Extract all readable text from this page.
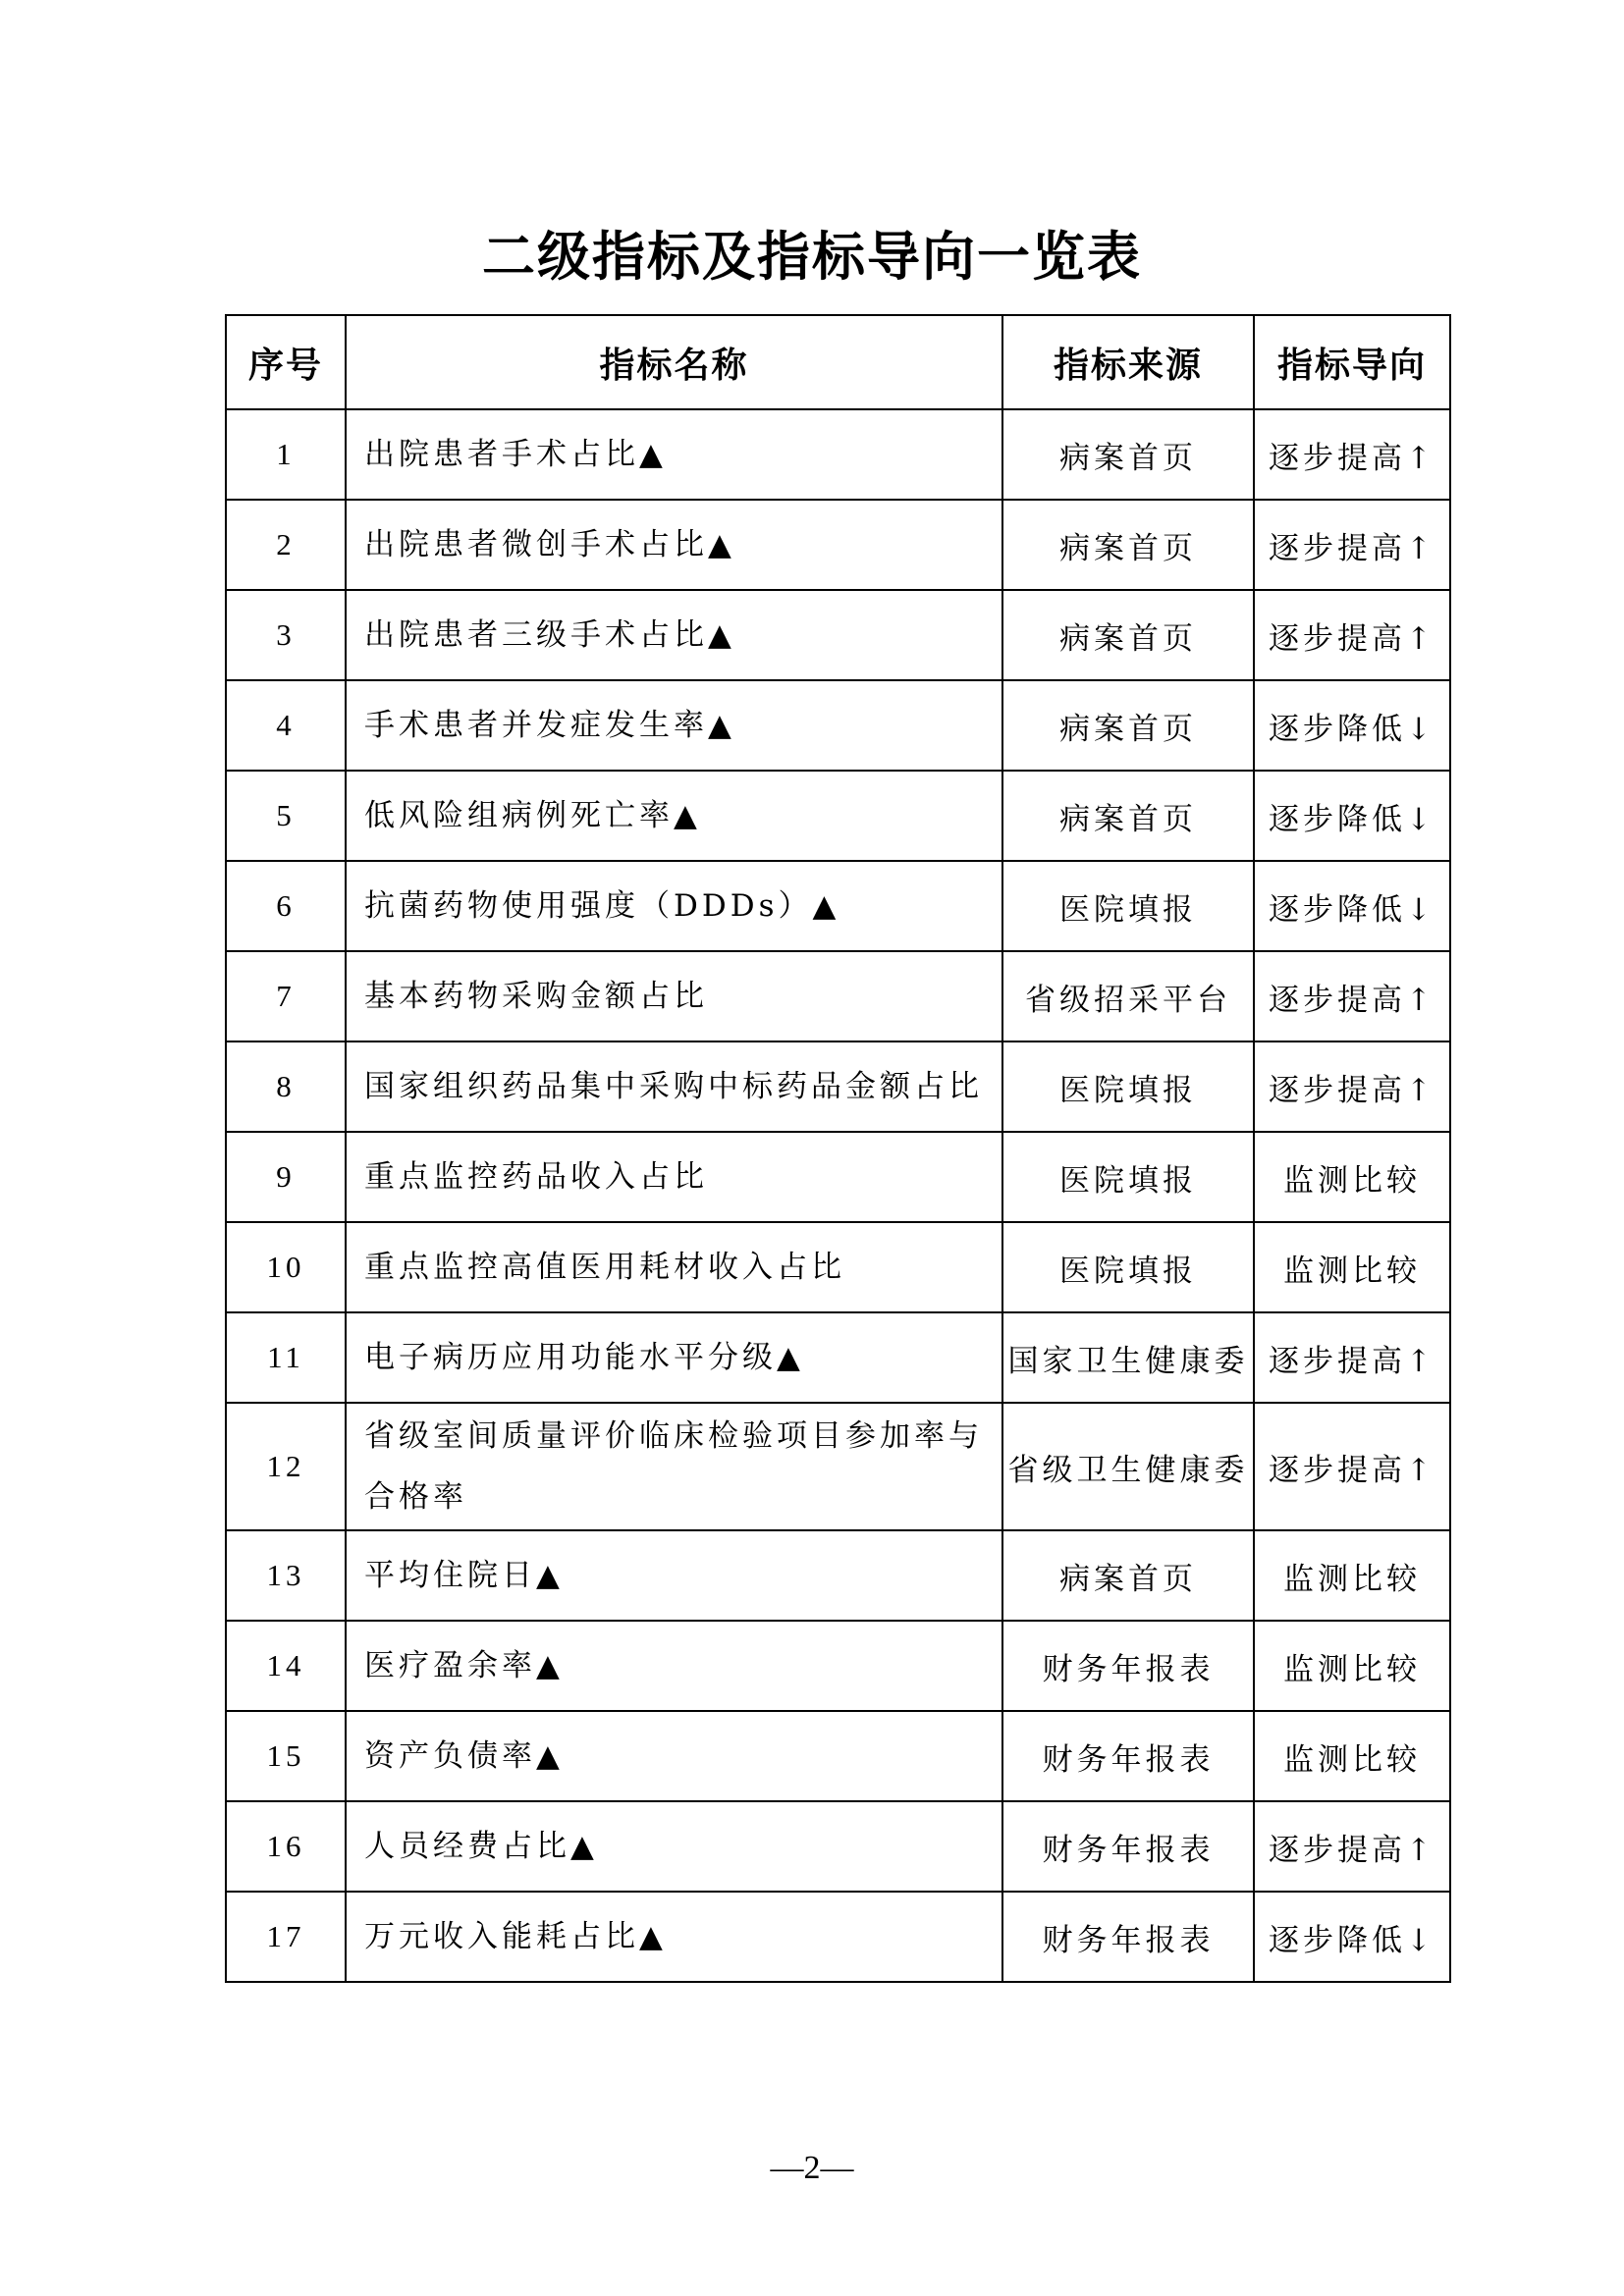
二级指标及指标导向一览表
序号	指标名称	指标来源	指标导向
1	出院患者手术占比▲	病案首页	逐步提高↑
2	出院患者微创手术占比▲	病案首页	逐步提高↑
3	出院患者三级手术占比▲	病案首页	逐步提高↑
4	手术患者并发症发生率▲	病案首页	逐步降低↓
5	低风险组病例死亡率▲	病案首页	逐步降低↓
6	抗菌药物使用强度（DDDs）▲	医院填报	逐步降低↓
7	基本药物采购金额占比	省级招采平台	逐步提高↑
8	国家组织药品集中采购中标药品金额占比	医院填报	逐步提高↑
9	重点监控药品收入占比	医院填报	监测比较
10	重点监控高值医用耗材收入占比	医院填报	监测比较
11	电子病历应用功能水平分级▲	国家卫生健康委	逐步提高↑
12	省级室间质量评价临床检验项目参加率与合格率	省级卫生健康委	逐步提高↑
13	平均住院日▲	病案首页	监测比较
14	医疗盈余率▲	财务年报表	监测比较
15	资产负债率▲	财务年报表	监测比较
16	人员经费占比▲	财务年报表	逐步提高↑
17	万元收入能耗占比▲	财务年报表	逐步降低↓
—2—
